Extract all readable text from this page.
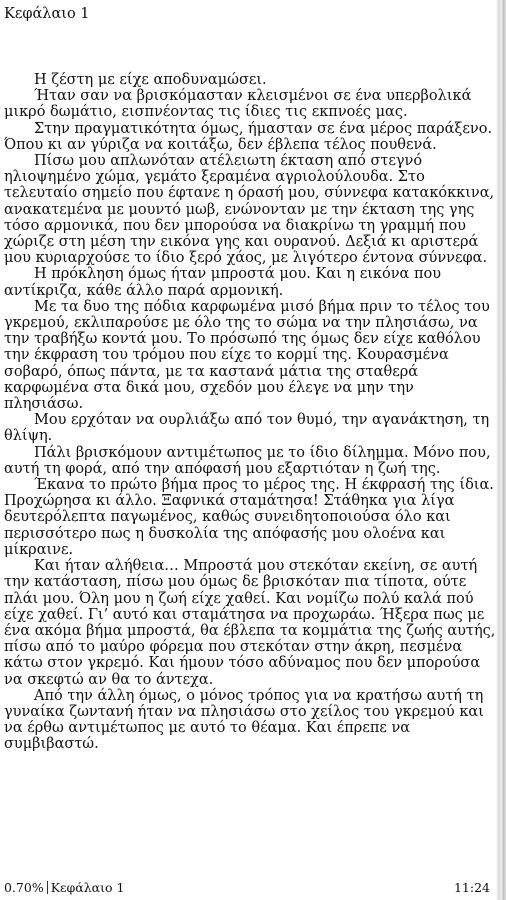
Κεφάλαιο 1

Η ζέστη με είχε αποδυναμώσει.

Ήταν σαν να βρισκόμασταν κλεισμένοι σε ένα υπερβολικά μικρό δωμάτιο, εισπνέοντας τις ίδιες τις εκπνοές μας.

Στην πραγματικότητα όμως, ήμασταν σε ένα μέρος παράξενο. Όπου κι αν γύριζα να κοιτάξω, δεν έβλεπα τέλος πουθενά.

Πίσω μου απλωνόταν ατέλειωτη έκταση από στεγνό ηλιοψημένο χώμα, γεμάτο ξεραμένα αγριολούλουδα. Στο τελευταίο σημείο που έφτανε η όρασή μου, σύννεφα κατακόκκινα, ανακατεμένα με μουντό μωβ, ενώνονταν με την έκταση της γης τόσο αρμονικά, που δεν μπορούσα να διακρίνω τη γραμμή που χώριζε στη μέση την εικόνα γης και ουρανού. Δεξιά κι αριστερά μου κυριαρχούσε το ίδιο ξερό χάος, με λιγότερο έντονα σύννεφα.

Η πρόκληση όμως ήταν μπροστά μου. Και η εικόνα που αντίκριζα, κάθε άλλο παρά αρμονική.

Με τα δυο της πόδια καρφωμένα μισό βήμα πριν το τέλος του γκρεμού, εκλιπαρούσε με όλο της το σώμα να την πλησιάσω, να την τραβήξω κοντά μου. Το πρόσωπό της όμως δεν είχε καθόλου την έκφραση του τρόμου που είχε το κορμί της. Κουρασμένα σοβαρό, όπως πάντα, με τα καστανά μάτια της σταθερά καρφωμένα στα δικά μου, σχεδόν μου έλεγε να μην την πλησιάσω.

Μου ερχόταν να ουρλιάξω από τον θυμό, την αγανάκτηση, τη θλίψη.

Πάλι βρισκόμουν αντιμέτωπος με το ίδιο δίλημμα. Μόνο που, αυτή τη φορά, από την απόφασή μου εξαρτιόταν η ζωή της.

Έκανα το πρώτο βήμα προς το μέρος της. Η έκφρασή της ίδια. Προχώρησα κι άλλο. Ξαφνικά σταμάτησα! Στάθηκα για λίγα δευτερόλεπτα παγωμένος, καθώς συνειδητοποιούσα όλο και περισσότερο πως η δυσκολία της απόφασής μου ολοένα και μίκραινε.

Και ήταν αλήθεια… Μπροστά μου στεκόταν εκείνη, σε αυτή την κατάσταση, πίσω μου όμως δε βρισκόταν πια τίποτα, ούτε πλάι μου. Όλη μου η ζωή είχε χαθεί. Και νομίζω πολύ καλά πού είχε χαθεί. Γι’ αυτό και σταμάτησα να προχωράω. Ήξερα πως με ένα ακόμα βήμα μπροστά, θα έβλεπα τα κομμάτια της ζωής αυτής, πίσω από το μαύρο φόρεμα που στεκόταν στην άκρη, πεσμένα κάτω στον γκρεμό. Και ήμουν τόσο αδύναμος που δεν μπορούσα να σκεφτώ αν θα το άντεχα.

Από την άλλη όμως, ο μόνος τρόπος για να κρατήσω αυτή τη γυναίκα ζωντανή ήταν να πλησιάσω στο χείλος του γκρεμού και να έρθω αντιμέτωπος με αυτό το θέαμα. Και έπρεπε να συμβιβαστώ.

0.70% Κεφάλαιο 1	11:24
